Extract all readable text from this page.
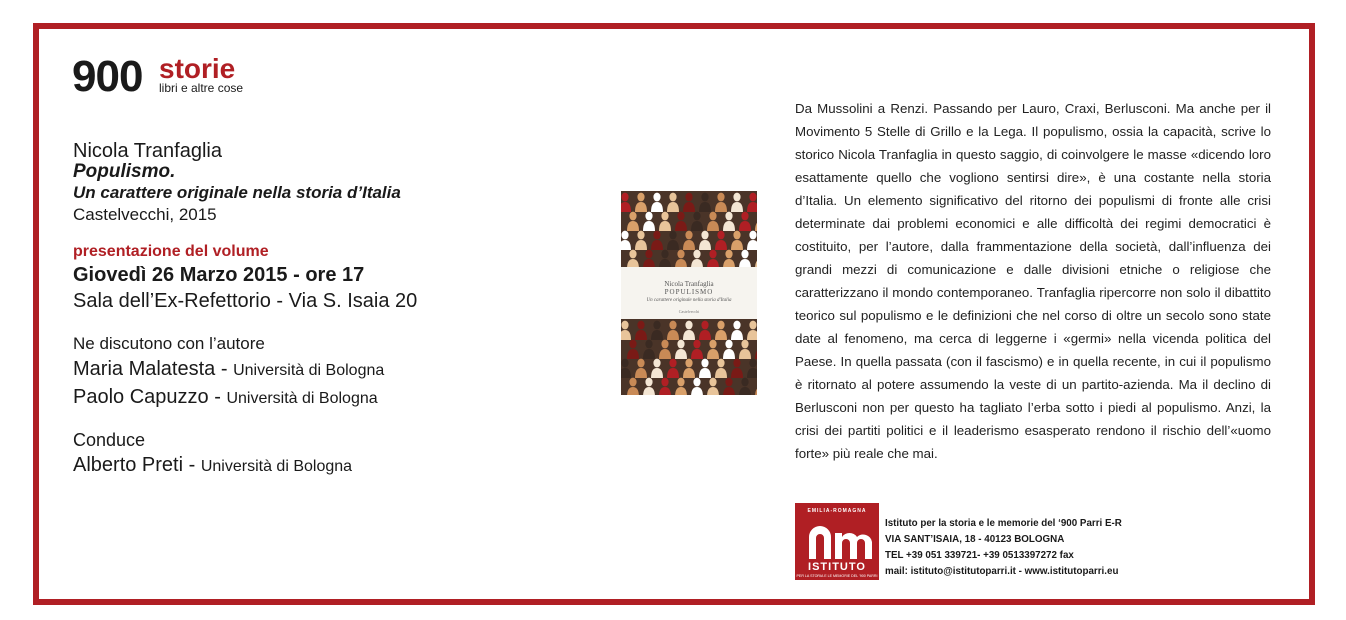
900 storie
libri e altre cose

Nicola Tranfaglia

Populismo.

Un carattere originale nella storia d’Italia

Castelvecchi, 2015

presentazione del volume
Giovedì 26 Marzo 2015 - ore 17
Sala dell’Ex-Refettorio - Via S. Isaia 20
Ne discutono con l’autore
Maria Malatesta - Università di Bologna
Paolo Capuzzo - Università di Bologna
Conduce
Alberto Preti - Università di Bologna
Nicola Tranfaglia
POPULISMO
Un carattere originale nella storia d'Italia
Castelvecchi

Da Mussolini a Renzi. Passando per Lauro, Craxi, Berlusconi. Ma anche per il Movimento 5 Stelle di Grillo e la Lega. Il populismo, ossia la capacità, scrive lo storico Nicola Tranfaglia in questo saggio, di coinvolgere le masse «dicendo loro esattamente quello che vogliono sentirsi dire», è una costante nella storia d’Italia. Un elemento significativo del ritorno dei populismi di fronte alle crisi determinate dai problemi economici e alle difficoltà dei regimi democratici è costituito, per l’autore, dalla frammentazione della società, dall’influenza dei grandi mezzi di comunicazione e dalle divisioni etniche o religiose che caratterizzano il mondo contemporaneo. Tranfaglia ripercorre non solo il dibattito teorico sul populismo e le definizioni che nel corso di oltre un secolo sono state date al fenomeno, ma cerca di leggerne i «germi» nella vicenda politica del Paese. In quella passata (con il fascismo) e in quella recente, in cui il populismo è ritornato al potere assumendo la veste di un partito-azienda. Ma il declino di Berlusconi non per questo ha tagliato l’erba sotto i piedi al populismo. Anzi, la crisi dei partiti politici e il leaderismo esasperato rendono il rischio dell’«uomo forte» più reale che mai.

EMILIA-ROMAGNA
ISTITUTO
PER LA STORIA E LE MEMORIE DEL '900 PARRI
Istituto per la storia e le memorie del ‘900 Parri E-R
VIA SANT’ISAIA, 18 - 40123 BOLOGNA
TEL +39 051 339721- +39 0513397272 fax
mail: istituto@istitutoparri.it - www.istitutoparri.eu
